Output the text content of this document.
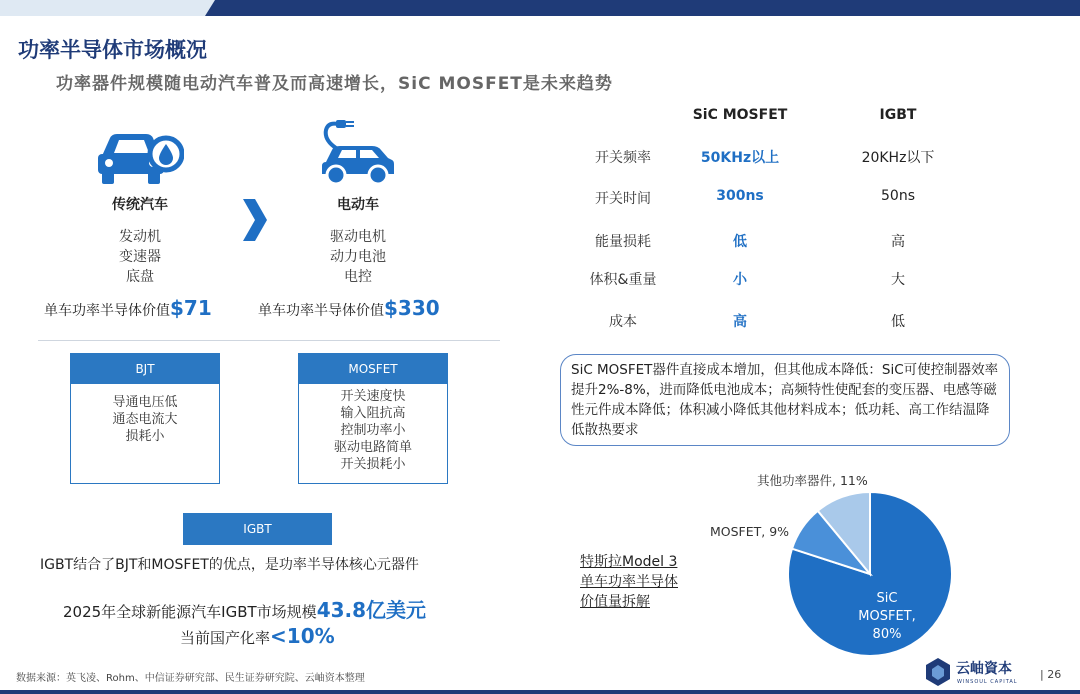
功率半导体市场概况
功率器件规模随电动汽车普及而高速增长，SiC MOSFET是未来趋势
传统汽车
发动机
变速器
底盘
单车功率半导体价值$71
电动车
驱动电机
动力电池
电控
单车功率半导体价值$330
BJT
导通电压低
通态电流大
损耗小
MOSFET
开关速度快
输入阻抗高
控制功率小
驱动电路简单
开关损耗小
IGBT
IGBT结合了BJT和MOSFET的优点，是功率半导体核心元器件
2025年全球新能源汽车IGBT市场规模43.8亿美元
当前国产化率<10%
SiC MOSFET	IGBT
开关频率	50KHz以上	20KHz以下
开关时间	300ns	50ns
能量损耗	低	高
体积&重量	小	大
成本	高	低
SiC MOSFET器件直接成本增加，但其他成本降低：SiC可使控制器效率提升2%-8%，进而降低电池成本；高频特性使配套的变压器、电感等磁性元件成本降低；体积减小降低其他材料成本；低功耗、高工作结温降低散热要求
特斯拉Model 3
单车功率半导体
价值量拆解
其他功率器件, 11%
MOSFET, 9%
SiC
MOSFET,
80%
数据来源：英飞凌、Rohm、中信证券研究部、民生证券研究院、云岫资本整理
云岫資本
WINSOUL CAPITAL
| 26
